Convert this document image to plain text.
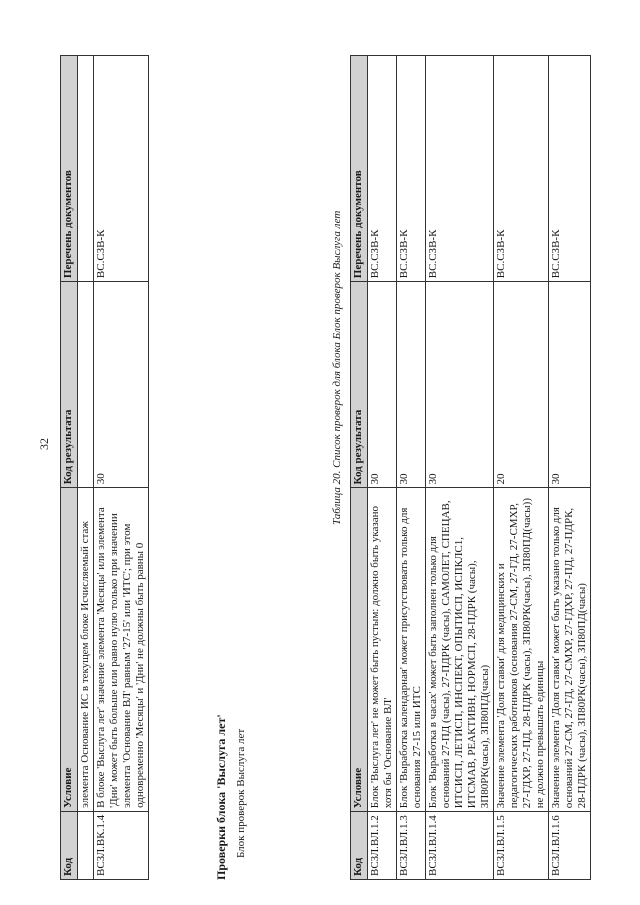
32
Код	Условие	Код результата	Перечень документов
	элемента Основание ИС в текущем блоке Исчисляемый стаж		
ВСЗЛ.ВК.1.4	В блоке 'Выслуга лет' значение элемента 'Месяцы' или элемента 'Дни' может быть больше или равно нулю только при значении элемента 'Основание ВЛ' равным '27-15' или 'ИТС'; при этом одновременно 'Месяцы' и 'Дни' не должны быть равны 0	30	ВС.СЗВ-К
Проверки блока 'Выслуга лет' Блок проверок Выслуга лет
Таблица 20. Список проверок для блока Блок проверок Выслуга лет
Код	Условие	Код результата	Перечень документов
ВСЗЛ.ВЛ.1.2	Блок 'Выслуга лет' не может быть пустым: должно быть указано хотя бы 'Основание ВЛ'	30	ВС.СЗВ-К
ВСЗЛ.ВЛ.1.3	Блок 'Выработка календарная' может присутствовать только для основания 27-15 или ИТС	30	ВС.СЗВ-К
ВСЗЛ.ВЛ.1.4	Блок 'Выработка в часах' может быть заполнен только для оснований 27-ПД (часы), 27-ПДРК (часы), САМОЛЕТ, СПЕЦАВ, ИТСИСП, ЛЕТИСП, ИНСПЕКТ, ОПЫТИСП, ИСПКЛС1, ИТСМАВ, РЕАКТИВН, НОРМСП, 28-ПДРК (часы), ЗП80РК(часы), ЗП80ПД(часы)	30	ВС.СЗВ-К
ВСЗЛ.ВЛ.1.5	Значение элемента 'Доля ставки' для медицинских и педагогических работников (основания 27-СМ, 27-ГД, 27-СМХР, 27-ГДХР, 27-ПД, 28-ПДРК (часы), ЗП80РК(часы), ЗП80ПД(часы)) не должно превышать единицы	20	ВС.СЗВ-К
ВСЗЛ.ВЛ.1.6	Значение элемента 'Доля ставки' может быть указано только для оснований 27-СМ, 27-ГД, 27-СМХР, 27-ГДХР, 27-ПД, 27-ПДРК, 28-ПДРК (часы), ЗП80РК(часы), ЗП80ПД(часы)	30	ВС.СЗВ-К
